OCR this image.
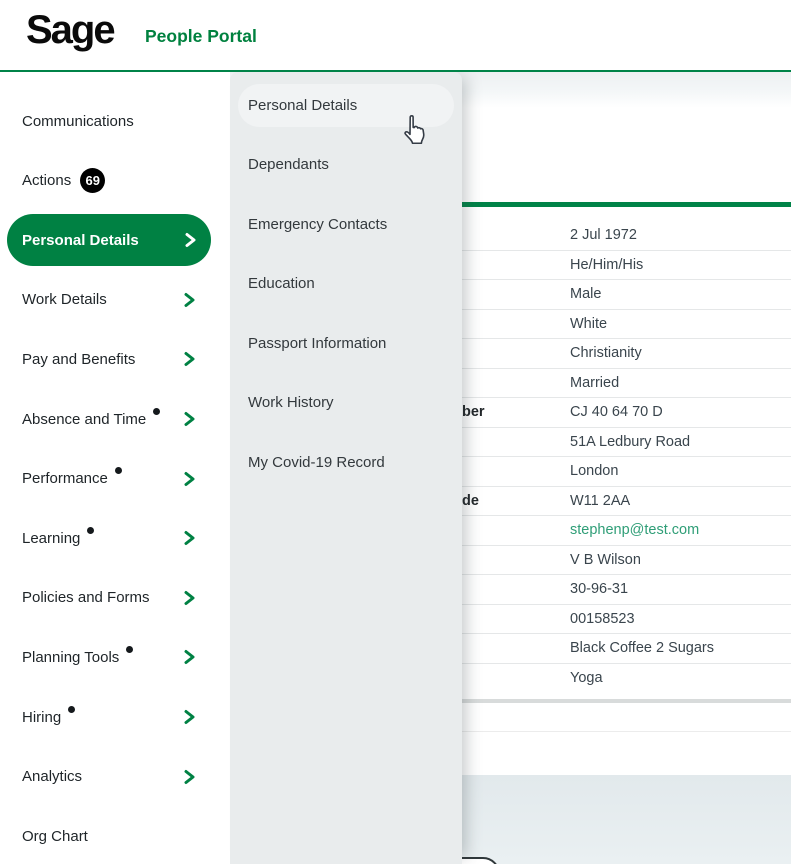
Sage People Portal
Communications
Actions	69
Personal Details
Work Details
Pay and Benefits
Absence and Time
Performance
Learning
Policies and Forms
Planning Tools
Hiring
Analytics
Org Chart
2 Jul 1972
He/Him/His
Male
White
Christianity
Married
ber	CJ 40 64 70 D
51A Ledbury Road
London
de	W11 2AA
stephenp@test.com
V B Wilson
30-96-31
00158523
Black Coffee 2 Sugars
Yoga
Personal Details
Dependants
Emergency Contacts
Education
Passport Information
Work History
My Covid-19 Record
